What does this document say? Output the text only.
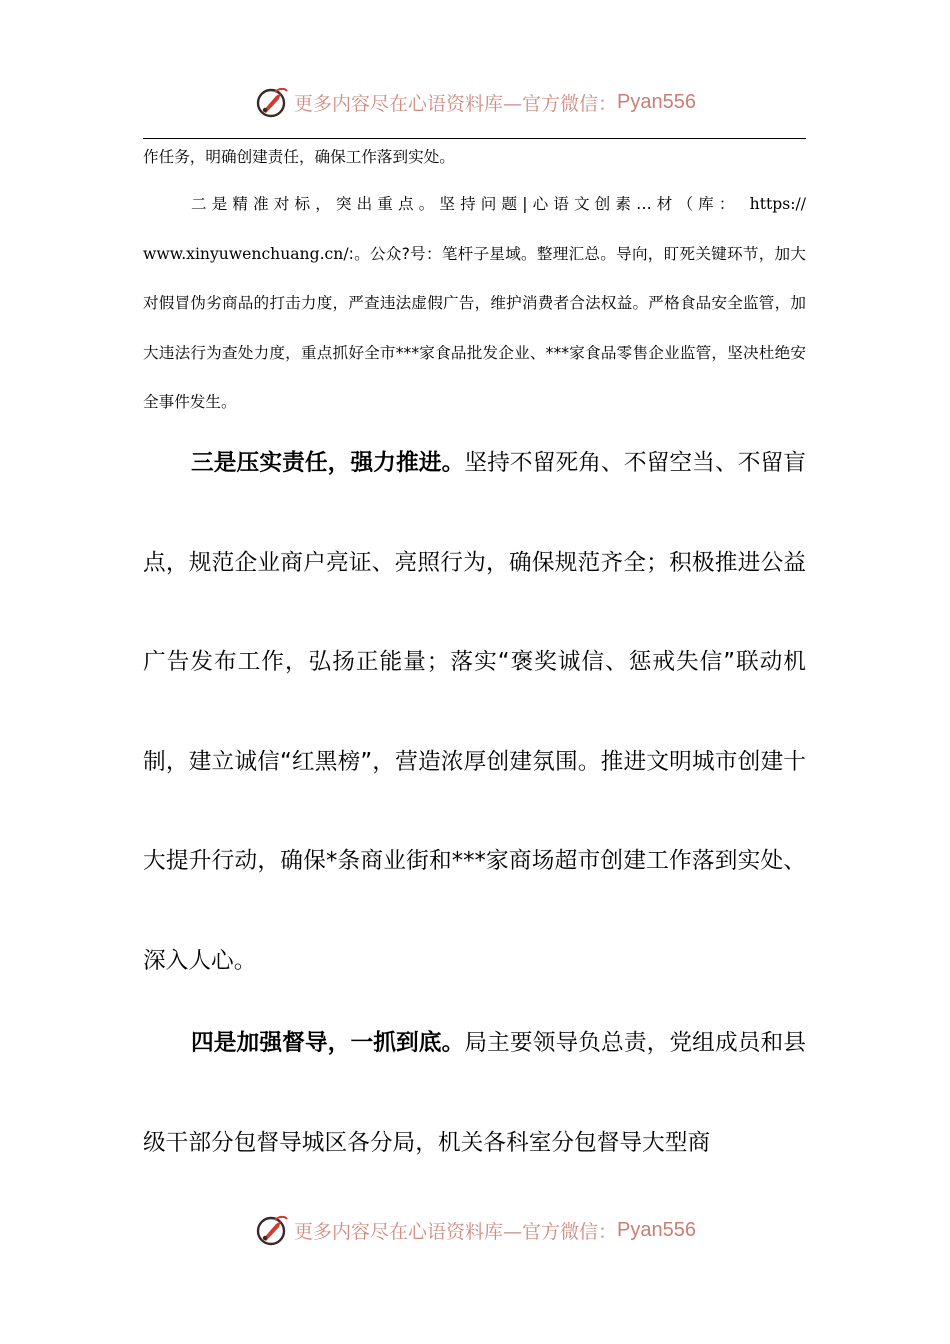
更多内容尽在心语资料库—官方微信： Pyan556

作任务，明确创建责任，确保工作落到实处。

二是精准对标，突出重点。坚持问题|心语文创素…材（库： https:// www.xinyuwenchuang.cn/:。公众?号：笔杆子星域。整理汇总。导向，盯死关键环节，加大对假冒伪劣商品的打击力度，严查违法虚假广告，维护消费者合法权益。严格食品安全监管，加大违法行为查处力度，重点抓好全市***家食品批发企业、***家食品零售企业监管，坚决杜绝安全事件发生。

三是压实责任，强力推进。坚持不留死角、不留空当、不留盲点，规范企业商户亮证、亮照行为，确保规范齐全；积极推进公益广告发布工作，弘扬正能量；落实“褒奖诚信、惩戒失信”联动机制，建立诚信“红黑榜”，营造浓厚创建氛围。推进文明城市创建十大提升行动，确保*条商业街和***家商场超市创建工作落到实处、深入人心。

四是加强督导，一抓到底。局主要领导负总责，党组成员和县级干部分包督导城区各分局，机关各科室分包督导大型商

更多内容尽在心语资料库—官方微信： Pyan556
